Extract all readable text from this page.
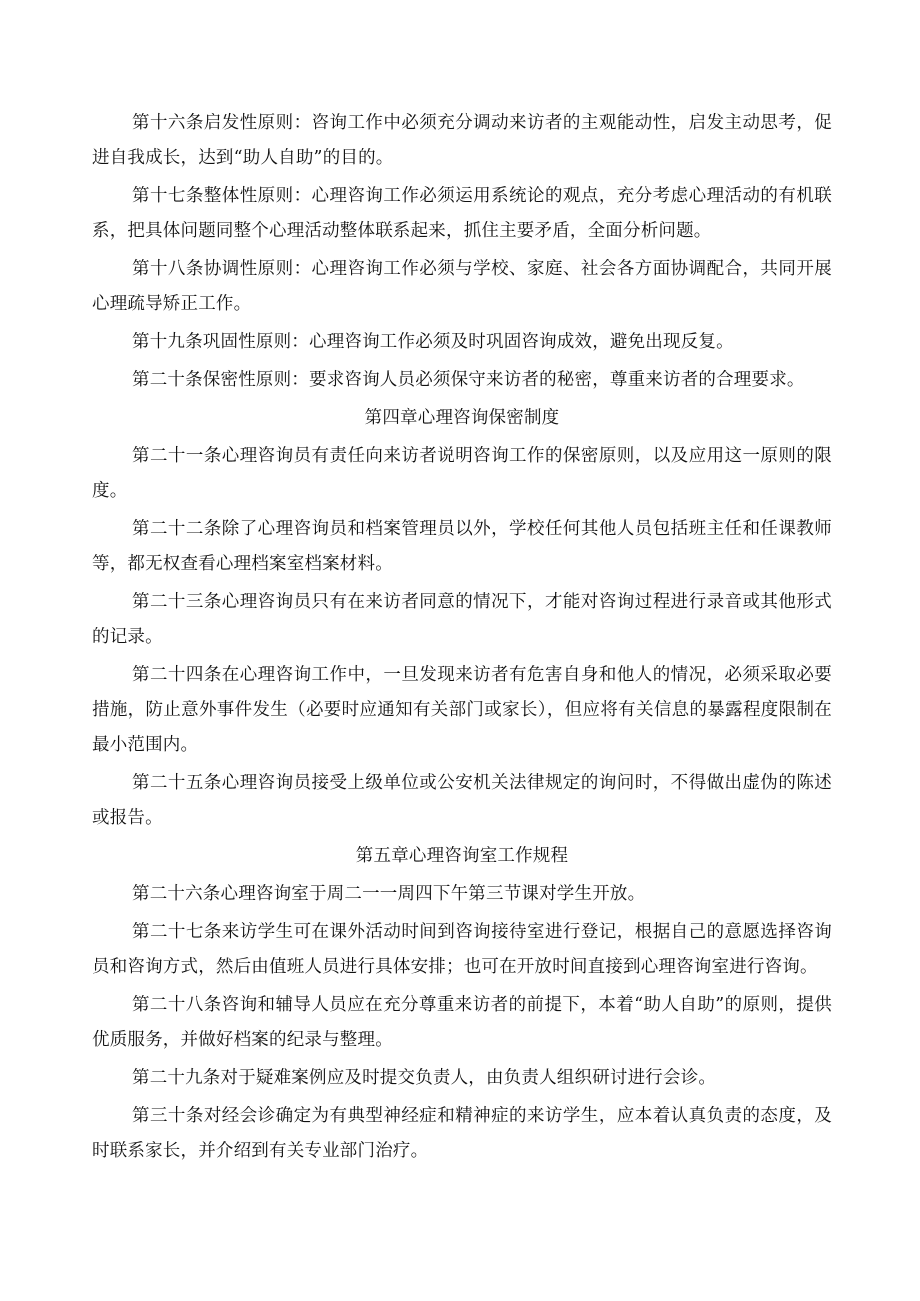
第十六条启发性原则：咨询工作中必须充分调动来访者的主观能动性，启发主动思考，促进自我成长，达到“助人自助”的目的。

第十七条整体性原则：心理咨询工作必须运用系统论的观点，充分考虑心理活动的有机联系，把具体问题同整个心理活动整体联系起来，抓住主要矛盾，全面分析问题。

第十八条协调性原则：心理咨询工作必须与学校、家庭、社会各方面协调配合，共同开展心理疏导矫正工作。

第十九条巩固性原则：心理咨询工作必须及时巩固咨询成效，避免出现反复。

第二十条保密性原则：要求咨询人员必须保守来访者的秘密，尊重来访者的合理要求。

第四章心理咨询保密制度

第二十一条心理咨询员有责任向来访者说明咨询工作的保密原则，以及应用这一原则的限度。

第二十二条除了心理咨询员和档案管理员以外，学校任何其他人员包括班主任和任课教师等，都无权查看心理档案室档案材料。

第二十三条心理咨询员只有在来访者同意的情况下，才能对咨询过程进行录音或其他形式的记录。

第二十四条在心理咨询工作中，一旦发现来访者有危害自身和他人的情况，必须采取必要措施，防止意外事件发生（必要时应通知有关部门或家长），但应将有关信息的暴露程度限制在最小范围内。

第二十五条心理咨询员接受上级单位或公安机关法律规定的询问时，不得做出虚伪的陈述或报告。

第五章心理咨询室工作规程

第二十六条心理咨询室于周二一一周四下午第三节课对学生开放。

第二十七条来访学生可在课外活动时间到咨询接待室进行登记，根据自己的意愿选择咨询员和咨询方式，然后由值班人员进行具体安排；也可在开放时间直接到心理咨询室进行咨询。

第二十八条咨询和辅导人员应在充分尊重来访者的前提下，本着“助人自助”的原则，提供优质服务，并做好档案的纪录与整理。

第二十九条对于疑难案例应及时提交负责人，由负责人组织研讨进行会诊。

第三十条对经会诊确定为有典型神经症和精神症的来访学生，应本着认真负责的态度，及时联系家长，并介绍到有关专业部门治疗。
